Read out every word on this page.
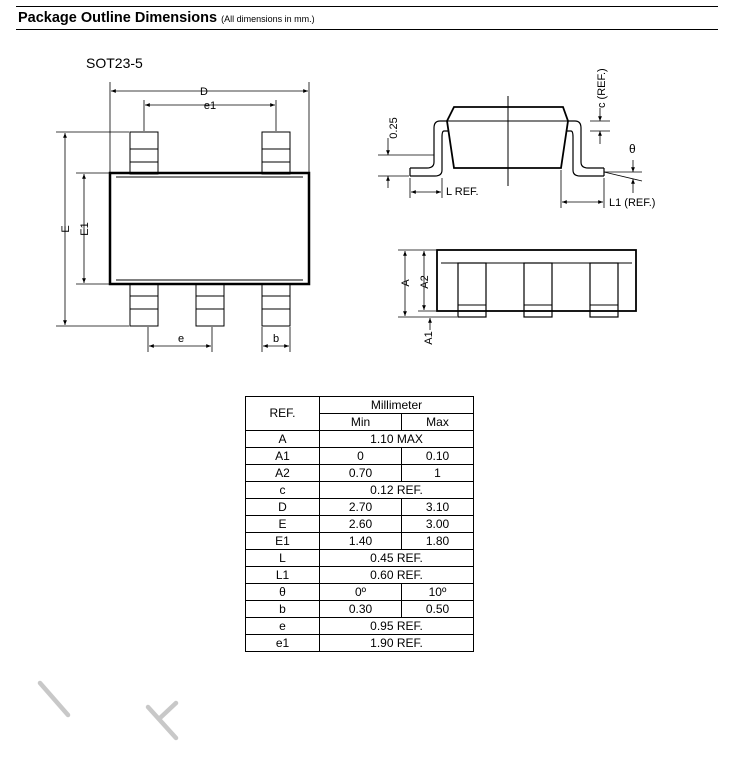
Package Outline Dimensions (All dimensions in mm.)
SOT23-5
D
e1
E E1
e	b
0.25
c (REF.)
θ
L REF.
L1 (REF.)
A A2
A1
REF.	Millimeter	
	Min	Max
A	1.10 MAX	
A1	0	0.10
A2	0.70	1
c	0.12 REF.	
D	2.70	3.10
E	2.60	3.00
E1	1.40	1.80
L	0.45 REF.	
L1	0.60 REF.	
θ	0º	10º
b	0.30	0.50
e	0.95 REF.	
e1	1.90 REF.	
